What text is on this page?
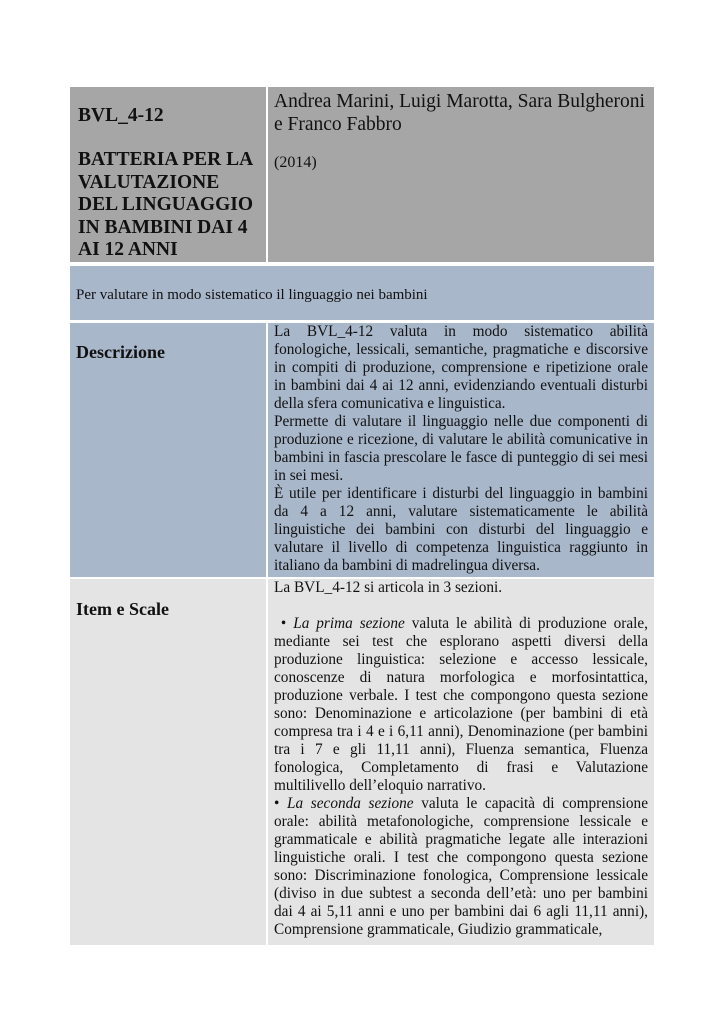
BVL_4-12

BATTERIA PER LA VALUTAZIONE DEL LINGUAGGIO IN BAMBINI DAI 4 AI 12 ANNI

Andrea Marini, Luigi Marotta, Sara Bulgheroni e Franco Fabbro

(2014)

Per valutare in modo sistematico il linguaggio nei bambini
Descrizione

La BVL_4-12 valuta in modo sistematico abilità fonologiche, lessicali, semantiche, pragmatiche e discorsive in compiti di produzione, comprensione e ripetizione orale in bambini dai 4 ai 12 anni, evidenziando eventuali disturbi della sfera comunicativa e linguistica.

Permette di valutare il linguaggio nelle due componenti di produzione e ricezione, di valutare le abilità comunicative in bambini in fascia prescolare le fasce di punteggio di sei mesi in sei mesi.

È utile per identificare i disturbi del linguaggio in bambini da 4 a 12 anni, valutare sistematicamente le abilità linguistiche dei bambini con disturbi del linguaggio e valutare il livello di competenza linguistica raggiunto in italiano da bambini di madrelingua diversa.

Item e Scale

La BVL_4-12 si articola in 3 sezioni.

• La prima sezione valuta le abilità di produzione orale, mediante sei test che esplorano aspetti diversi della produzione linguistica: selezione e accesso lessicale, conoscenze di natura morfologica e morfosintattica, produzione verbale. I test che compongono questa sezione sono: Denominazione e articolazione (per bambini di età compresa tra i 4 e i 6,11 anni), Denominazione (per bambini tra i 7 e gli 11,11 anni), Fluenza semantica, Fluenza fonologica, Completamento di frasi e Valutazione multilivello dell’eloquio narrativo.

• La seconda sezione valuta le capacità di comprensione orale: abilità metafonologiche, comprensione lessicale e grammaticale e abilità pragmatiche legate alle interazioni linguistiche orali. I test che compongono questa sezione sono: Discriminazione fonologica, Comprensione lessicale (diviso in due subtest a seconda dell’età: uno per bambini dai 4 ai 5,11 anni e uno per bambini dai 6 agli 11,11 anni), Comprensione grammaticale, Giudizio grammaticale,
